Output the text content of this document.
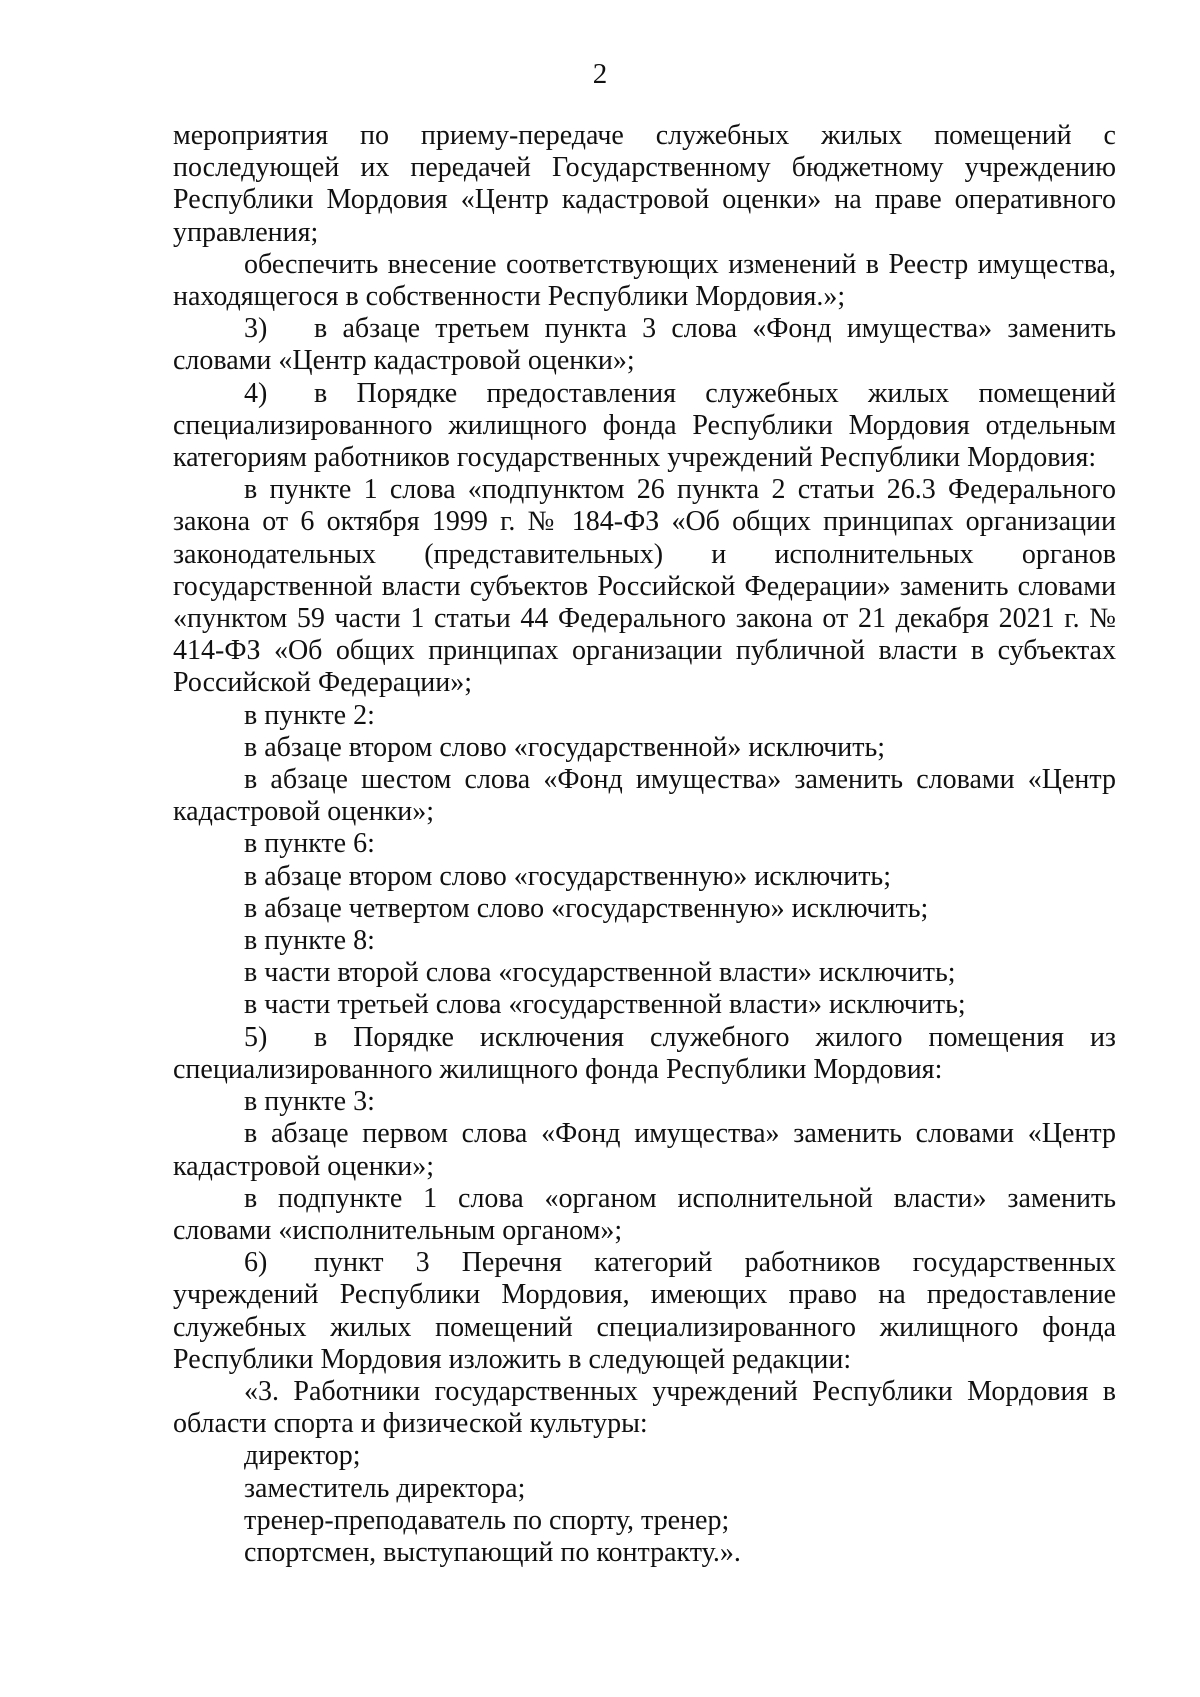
2

мероприятия по приему-передаче служебных жилых помещений с последующей их передачей Государственному бюджетному учреждению Республики Мордовия «Центр кадастровой оценки» на праве оперативного управления;

обеспечить внесение соответствующих изменений в Реестр имущества, находящегося в собственности Республики Мордовия.»;

3) в абзаце третьем пункта 3 слова «Фонд имущества» заменить словами «Центр кадастровой оценки»;

4) в Порядке предоставления служебных жилых помещений специализированного жилищного фонда Республики Мордовия отдельным категориям работников государственных учреждений Республики Мордовия:

в пункте 1 слова «подпунктом 26 пункта 2 статьи 26.3 Федерального закона от 6 октября 1999 г. № 184-ФЗ «Об общих принципах организации законодательных (представительных) и исполнительных органов государственной власти субъектов Российской Федерации» заменить словами «пунктом 59 части 1 статьи 44 Федерального закона от 21 декабря 2021 г. № 414-ФЗ «Об общих принципах организации публичной власти в субъектах Российской Федерации»;

в пункте 2:

в абзаце втором слово «государственной» исключить;

в абзаце шестом слова «Фонд имущества» заменить словами «Центр кадастровой оценки»;

в пункте 6:

в абзаце втором слово «государственную» исключить;

в абзаце четвертом слово «государственную» исключить;

в пункте 8:

в части второй слова «государственной власти» исключить;

в части третьей слова «государственной власти» исключить;

5) в Порядке исключения служебного жилого помещения из специализированного жилищного фонда Республики Мордовия:

в пункте 3:

в абзаце первом слова «Фонд имущества» заменить словами «Центр кадастровой оценки»;

в подпункте 1 слова «органом исполнительной власти» заменить словами «исполнительным органом»;

6) пункт 3 Перечня категорий работников государственных учреждений Республики Мордовия, имеющих право на предоставление служебных жилых помещений специализированного жилищного фонда Республики Мордовия изложить в следующей редакции:

«3. Работники государственных учреждений Республики Мордовия в области спорта и физической культуры:

директор;

заместитель директора;

тренер-преподаватель по спорту, тренер;

спортсмен, выступающий по контракту.».
